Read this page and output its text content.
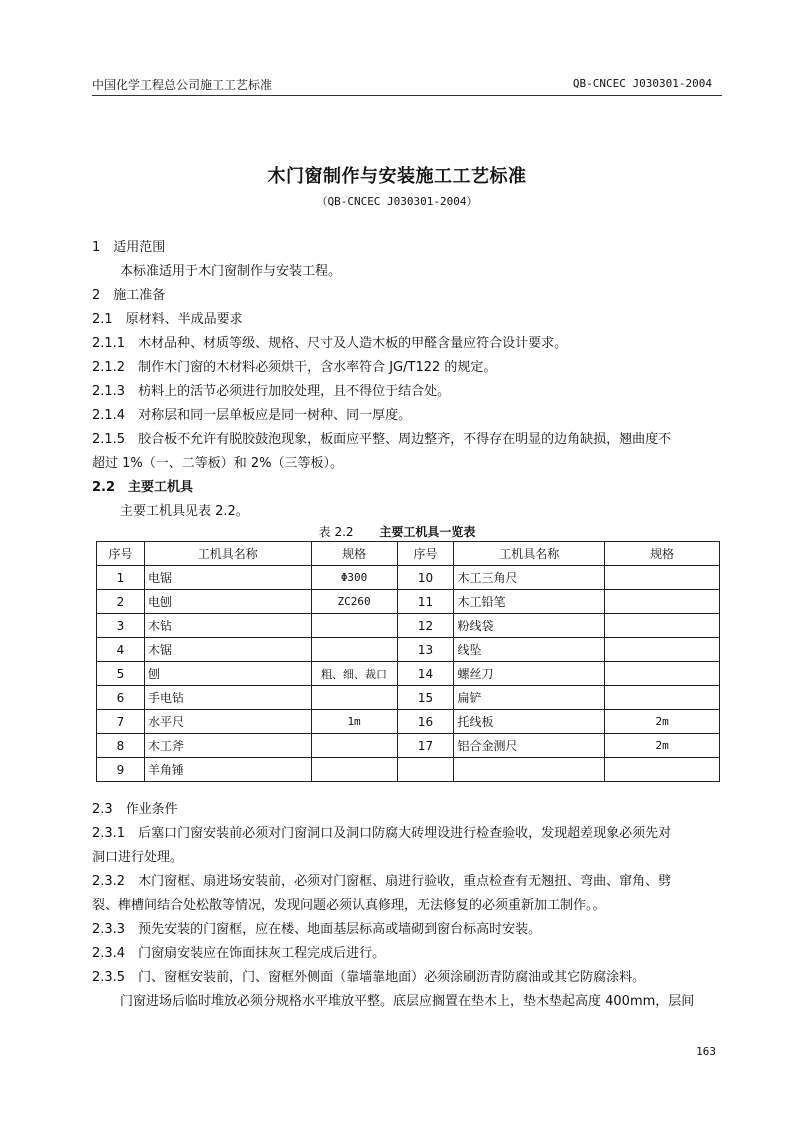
中国化学工程总公司施工工艺标准	QB-CNCEC J030301-2004
木门窗制作与安装施工工艺标准
（QB-CNCEC J030301-2004）
1　适用范围
本标准适用于木门窗制作与安装工程。
2　施工准备
2.1　原材料、半成品要求
2.1.1　木材品种、材质等级、规格、尺寸及人造木板的甲醛含量应符合设计要求。
2.1.2　制作木门窗的木材料必须烘干，含水率符合 JG/T122 的规定。
2.1.3　枋料上的活节必须进行加胶处理，且不得位于结合处。
2.1.4　对称层和同一层单板应是同一树种、同一厚度。
2.1.5　胶合板不允许有脱胶鼓泡现象，板面应平整、周边整齐，不得存在明显的边角缺损，翘曲度不
超过 1%（一、二等板）和 2%（三等板）。
2.2　主要工机具
主要工机具见表 2.2。
表 2.2 主要工机具一览表
序号	工机具名称	规格	序号	工机具名称	规格
1	电锯	Φ300	10	木工三角尺	
2	电刨	ZC260	11	木工铅笔	
3	木钻		12	粉线袋	
4	木锯		13	线坠	
5	刨	粗、细、裁口	14	螺丝刀	
6	手电钻		15	扁铲	
7	水平尺	1m	16	托线板	2m
8	木工斧		17	铝合金测尺	2m
9	羊角锤				
2.3　作业条件
2.3.1　后塞口门窗安装前必须对门窗洞口及洞口防腐大砖埋设进行检查验收，发现超差现象必须先对
洞口进行处理。
2.3.2　木门窗框、扇进场安装前，必须对门窗框、扇进行验收，重点检查有无翘扭、弯曲、窜角、劈
裂、榫槽间结合处松散等情况，发现问题必须认真修理，无法修复的必须重新加工制作。。
2.3.3　预先安装的门窗框，应在楼、地面基层标高或墙砌到窗台标高时安装。
2.3.4　门窗扇安装应在饰面抹灰工程完成后进行。
2.3.5　门、窗框安装前，门、窗框外侧面（靠墙靠地面）必须涂刷沥青防腐油或其它防腐涂料。
门窗进场后临时堆放必须分规格水平堆放平整。底层应搁置在垫木上，垫木垫起高度 400mm，层间
163
